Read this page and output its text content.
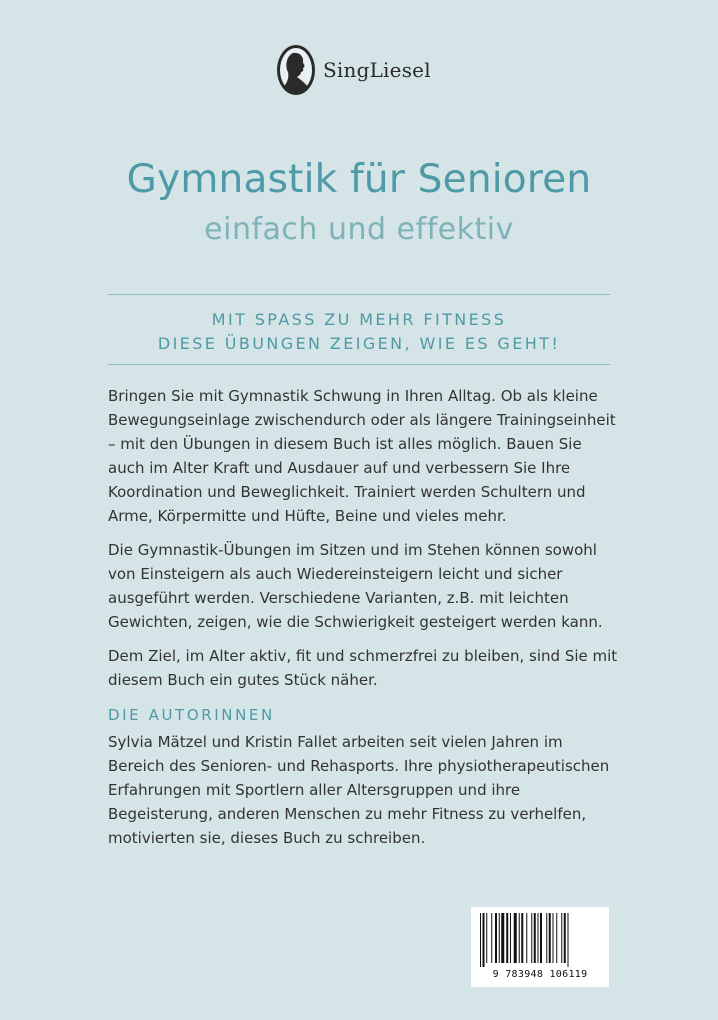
SingLiesel
Gymnastik für Senioren
einfach und effektiv
MIT SPASS ZU MEHR FITNESS
DIESE ÜBUNGEN ZEIGEN, WIE ES GEHT!

Bringen Sie mit Gymnastik Schwung in Ihren Alltag. Ob als kleine Bewegungseinlage zwischendurch oder als längere Trainingseinheit – mit den Übungen in diesem Buch ist alles möglich. Bauen Sie auch im Alter Kraft und Ausdauer auf und verbessern Sie Ihre Koordination und Beweglichkeit. Trainiert werden Schultern und Arme, Körpermitte und Hüfte, Beine und vieles mehr.

Die Gymnastik-Übungen im Sitzen und im Stehen können sowohl von Einsteigern als auch Wiedereinsteigern leicht und sicher ausgeführt werden. Verschiedene Varianten, z.B. mit leichten Gewichten, zeigen, wie die Schwierigkeit gesteigert werden kann.

Dem Ziel, im Alter aktiv, fit und schmerzfrei zu bleiben, sind Sie mit diesem Buch ein gutes Stück näher.

DIE AUTORINNEN
Sylvia Mätzel und Kristin Fallet arbeiten seit vielen Jahren im Bereich des Senioren- und Rehasports. Ihre physiotherapeutischen Erfahrungen mit Sportlern aller Altersgruppen und ihre Begeisterung, anderen Menschen zu mehr Fitness zu verhelfen, motivierten sie, dieses Buch zu schreiben.
9 783948 106119
